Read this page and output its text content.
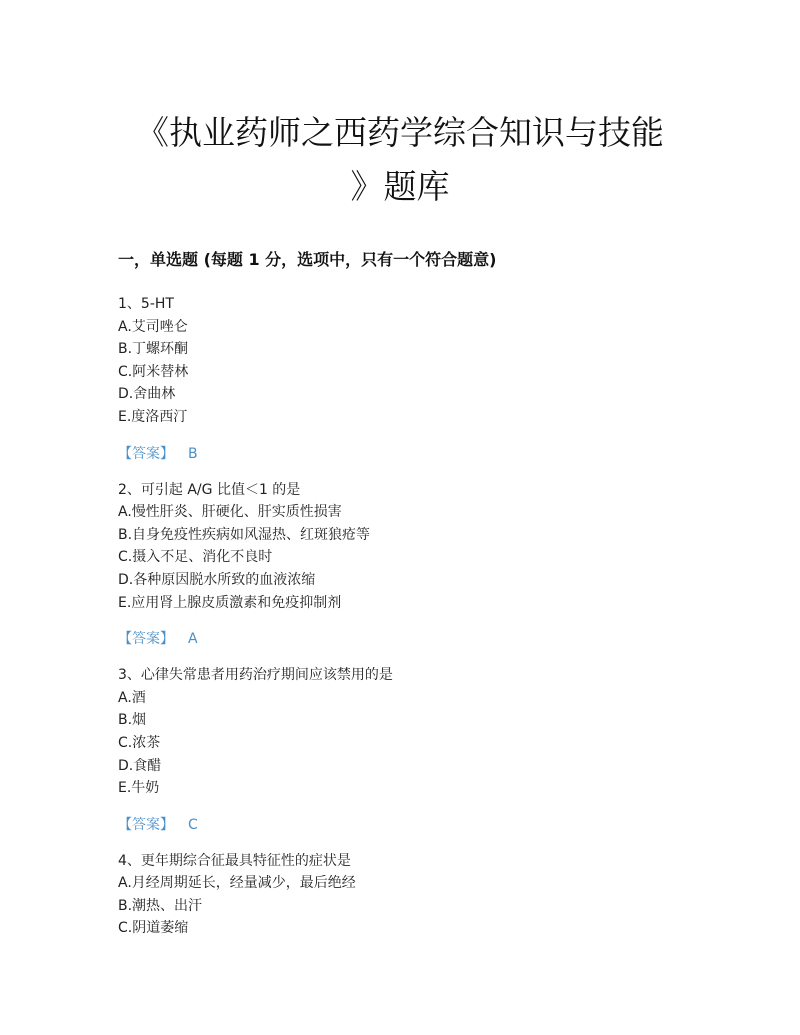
《执业药师之西药学综合知识与技能
》题库
一，单选题 (每题 1 分，选项中，只有一个符合题意)
1、5-HT
A.艾司唑仑
B.丁螺环酮
C.阿米替林
D.舍曲林
E.度洛西汀
【答案】 B
2、可引起 A/G 比值＜1 的是
A.慢性肝炎、肝硬化、肝实质性损害
B.自身免疫性疾病如风湿热、红斑狼疮等
C.摄入不足、消化不良时
D.各种原因脱水所致的血液浓缩
E.应用肾上腺皮质激素和免疫抑制剂
【答案】 A
3、心律失常患者用药治疗期间应该禁用的是
A.酒
B.烟
C.浓茶
D.食醋
E.牛奶
【答案】 C
4、更年期综合征最具特征性的症状是
A.月经周期延长，经量减少，最后绝经
B.潮热、出汗
C.阴道萎缩
